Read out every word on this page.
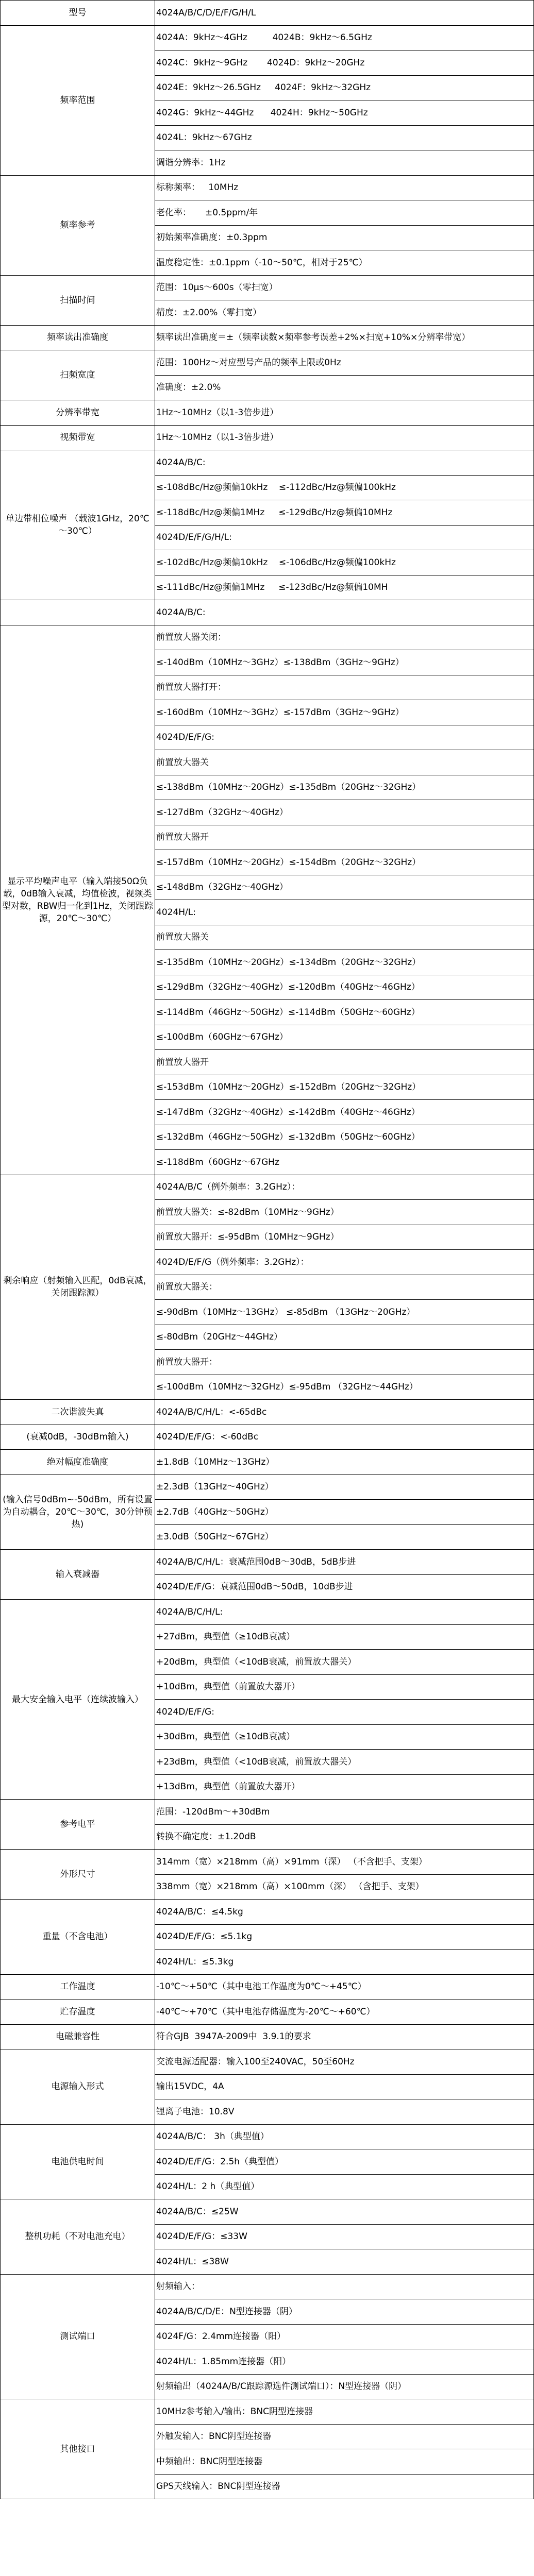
型号	4024A/B/C/D/E/F/G/H/L
频率范围	4024A：9kHz～4GHz         4024B：9kHz～6.5GHz
	4024C：9kHz～9GHz       4024D：9kHz～20GHz
	4024E：9kHz～26.5GHz     4024F：9kHz～32GHz
	4024G：9kHz～44GHz      4024H：9kHz～50GHz
	4024L：9kHz～67GHz
	调谐分辨率：1Hz
频率参考	标称频率：   10MHz
	老化率：     ±0.5ppm/年
	初始频率准确度：±0.3ppm
	温度稳定性：±0.1ppm（-10～50℃，相对于25℃）
扫描时间	范围：10μs～600s（零扫宽）
	精度：±2.00%（零扫宽）
频率读出准确度	频率读出准确度＝±（频率读数×频率参考误差+2%×扫宽+10%×分辨率带宽）
扫频宽度	范围：100Hz～对应型号产品的频率上限或0Hz
	准确度：±2.0%
分辨率带宽	1Hz～10MHz（以1-3倍步进）
视频带宽	1Hz～10MHz（以1-3倍步进）
单边带相位噪声 （载波1GHz，20℃～30℃）	4024A/B/C:
	≤-108dBc/Hz@频偏10kHz    ≤-112dBc/Hz@频偏100kHz
	≤-118dBc/Hz@频偏1MHz     ≤-129dBc/Hz@频偏10MHz
	4024D/E/F/G/H/L:
	≤-102dBc/Hz@频偏10kHz    ≤-106dBc/Hz@频偏100kHz
	≤-111dBc/Hz@频偏1MHz     ≤-123dBc/Hz@频偏10MH
	4024A/B/C:
显示平均噪声电平（输入端接50Ω负载，0dB输入衰减，均值检波，视频类型对数，RBW归一化到1Hz，关闭跟踪源，20℃～30℃）	前置放大器关闭：
	≤-140dBm（10MHz～3GHz）≤-138dBm（3GHz～9GHz）
	前置放大器打开：
	≤-160dBm（10MHz～3GHz）≤-157dBm（3GHz～9GHz）
	4024D/E/F/G:
	前置放大器关
	≤-138dBm（10MHz～20GHz）≤-135dBm（20GHz～32GHz）
	≤-127dBm（32GHz～40GHz）
	前置放大器开
	≤-157dBm（10MHz～20GHz）≤-154dBm（20GHz～32GHz）
	≤-148dBm（32GHz～40GHz）
	4024H/L:
	前置放大器关
	≤-135dBm（10MHz～20GHz）≤-134dBm（20GHz～32GHz）
	≤-129dBm（32GHz～40GHz）≤-120dBm（40GHz～46GHz）
	≤-114dBm（46GHz～50GHz）≤-114dBm（50GHz～60GHz）
	≤-100dBm（60GHz～67GHz）
	前置放大器开
	≤-153dBm（10MHz～20GHz）≤-152dBm（20GHz～32GHz）
	≤-147dBm（32GHz～40GHz）≤-142dBm（40GHz～46GHz）
	≤-132dBm（46GHz～50GHz）≤-132dBm（50GHz～60GHz）
	≤-118dBm（60GHz～67GHz
剩余响应（射频输入匹配，0dB衰减，关闭跟踪源）	4024A/B/C（例外频率：3.2GHz）：
	前置放大器关：≤-82dBm（10MHz～9GHz）
	前置放大器开：≤-95dBm（10MHz～9GHz）
	4024D/E/F/G（例外频率：3.2GHz）：
	前置放大器关：
	≤-90dBm（10MHz～13GHz） ≤-85dBm （13GHz～20GHz）
	≤-80dBm（20GHz～44GHz）
	前置放大器开：
	≤-100dBm（10MHz～32GHz）≤-95dBm （32GHz～44GHz）
二次谐波失真	4024A/B/C/H/L：<-65dBc
(衰减0dB，-30dBm输入)	4024D/E/F/G：<-60dBc
绝对幅度准确度	±1.8dB（10MHz～13GHz）
(输入信号0dBm~-50dBm，所有设置为自动耦合，20℃～30℃，30分钟预热)	±2.3dB（13GHz～40GHz）
	±2.7dB（40GHz～50GHz）
	±3.0dB（50GHz～67GHz）
输入衰减器	4024A/B/C/H/L：衰减范围0dB～30dB，5dB步进
	4024D/E/F/G：衰减范围0dB～50dB，10dB步进
最大安全输入电平（连续波输入）	4024A/B/C/H/L:
	+27dBm，典型值（≥10dB衰减）
	+20dBm，典型值（<10dB衰减，前置放大器关）
	+10dBm，典型值（前置放大器开）
	4024D/E/F/G:
	+30dBm，典型值（≥10dB衰减）
	+23dBm，典型值（<10dB衰减，前置放大器关）
	+13dBm，典型值（前置放大器开）
参考电平	范围：-120dBm～+30dBm
	转换不确定度：±1.20dB
外形尺寸	314mm（宽）×218mm（高）×91mm（深） （不含把手、支架）
	338mm（宽）×218mm（高）×100mm（深） （含把手、支架）
重量（不含电池）	4024A/B/C：≤4.5kg
	4024D/E/F/G：≤5.1kg
	4024H/L：≤5.3kg
工作温度	-10℃～+50℃（其中电池工作温度为0℃～+45℃）
贮存温度	-40℃～+70℃（其中电池存储温度为-20℃～+60℃）
电磁兼容性	符合GJB  3947A-2009中  3.9.1的要求
电源输入形式	交流电源适配器：输入100至240VAC，50至60Hz
	输出15VDC，4A
	锂离子电池：10.8V
电池供电时间	4024A/B/C： 3h（典型值）
	4024D/E/F/G：2.5h（典型值）
	4024H/L：2 h（典型值）
整机功耗（不对电池充电）	4024A/B/C：≤25W
	4024D/E/F/G：≤33W
	4024H/L：≤38W
测试端口	射频输入：
	4024A/B/C/D/E：N型连接器（阴）
	4024F/G：2.4mm连接器（阳）
	4024H/L：1.85mm连接器（阳）
	射频输出（4024A/B/C跟踪源选件测试端口）：N型连接器（阴）
其他接口	10MHz参考输入/输出：BNC阴型连接器
	外触发输入：BNC阴型连接器
	中频输出：BNC阴型连接器
	GPS天线输入：BNC阴型连接器
